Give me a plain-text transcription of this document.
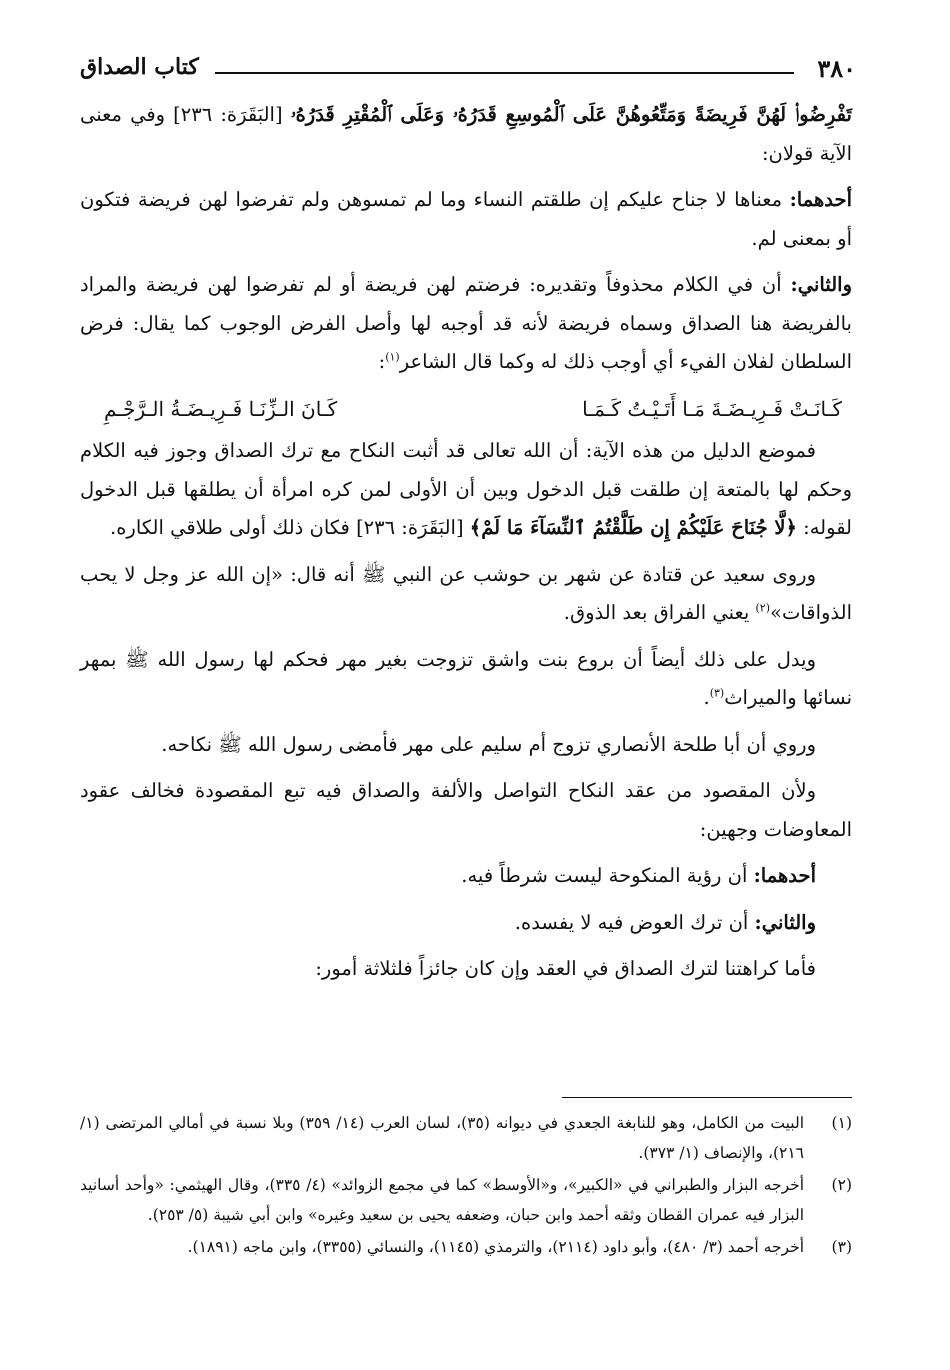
٣٨٠
كتاب الصداق

تَفْرِضُوا۟ لَهُنَّ فَرِيضَةً وَمَتِّعُوهُنَّ عَلَى ٱلْمُوسِعِ قَدَرُهُۥ وَعَلَى ٱلْمُقْتِرِ قَدَرُهُۥ [البَقَرَة: ٢٣٦] وفي معنى الآية قولان:

أحدهما: معناها لا جناح عليكم إن طلقتم النساء وما لم تمسوهن ولم تفرضوا لهن فريضة فتكون أو بمعنى لم.

والثاني: أن في الكلام محذوفاً وتقديره: فرضتم لهن فريضة أو لم تفرضوا لهن فريضة والمراد بالفريضة هنا الصداق وسماه فريضة لأنه قد أوجبه لها وأصل الفرض الوجوب كما يقال: فرض السلطان لفلان الفيء أي أوجب ذلك له وكما قال الشاعر$^{(١)}$:

كَـانَـتْ فَـرِيـضَـةَ مَـا أَتَـيْـتُ كَـمَـا
كَـانَ الـزِّنَـا فَـرِيـضَـةُ الـرَّجْـمِ

فموضع الدليل من هذه الآية: أن الله تعالى قد أثبت النكاح مع ترك الصداق وجوز فيه الكلام وحكم لها بالمتعة إن طلقت قبل الدخول وبين أن الأولى لمن كره امرأة أن يطلقها قبل الدخول لقوله: ﴿لَّا جُنَاحَ عَلَيْكُمْ إِن طَلَّقْتُمُ ٱلنِّسَآءَ مَا لَمْ﴾ [البَقَرَة: ٢٣٦] فكان ذلك أولى طلاقي الكاره.

وروى سعيد عن قتادة عن شهر بن حوشب عن النبي ﷺ أنه قال: «إن الله عز وجل لا يحب الذواقات»$^{(٢)}$ يعني الفراق بعد الذوق.

ويدل على ذلك أيضاً أن بروع بنت واشق تزوجت بغير مهر فحكم لها رسول الله ﷺ بمهر نسائها والميراث$^{(٣)}$.

وروي أن أبا طلحة الأنصاري تزوج أم سليم على مهر فأمضى رسول الله ﷺ نكاحه.

ولأن المقصود من عقد النكاح التواصل والألفة والصداق فيه تبع المقصودة فخالف عقود المعاوضات وجهين:

أحدهما: أن رؤية المنكوحة ليست شرطاً فيه.

والثاني: أن ترك العوض فيه لا يفسده.

فأما كراهتنا لترك الصداق في العقد وإن كان جائزاً فلثلاثة أمور:

(١)
البيت من الكامل، وهو للنابغة الجعدي في ديوانه (٣٥)، لسان العرب (١٤/ ٣٥٩) وبلا نسبة في أمالي المرتضى (١/ ٢١٦)، والإنصاف (١/ ٣٧٣).
(٢)
أخرجه البزار والطبراني في «الكبير»، و«الأوسط» كما في مجمع الزوائد» (٤/ ٣٣٥)، وقال الهيثمي: «وأحد أسانيد البزار فيه عمران القطان وثقه أحمد وابن حبان، وضعفه يحيى بن سعيد وغيره» وابن أبي شيبة (٥/ ٢٥٣).
(٣)
أخرجه أحمد (٣/ ٤٨٠)، وأبو داود (٢١١٤)، والترمذي (١١٤٥)، والنسائي (٣٣٥٥)، وابن ماجه (١٨٩١).
